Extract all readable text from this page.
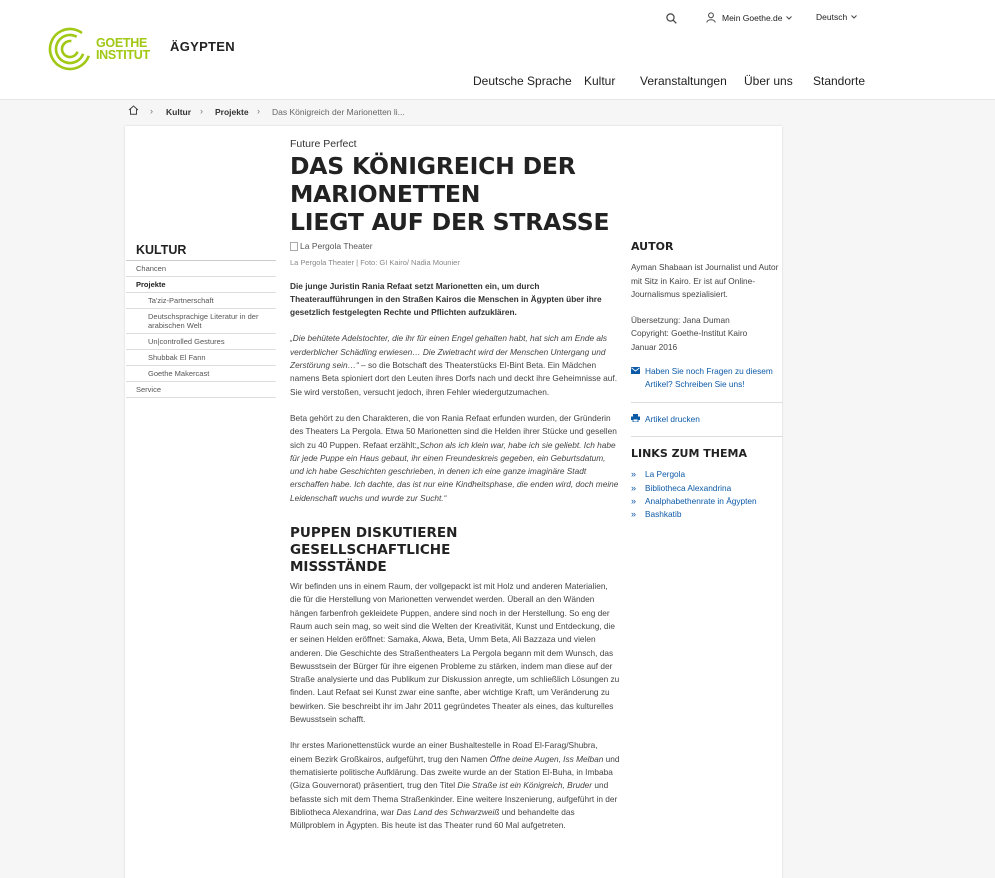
GOETHE
INSTITUT
ÄGYPTEN
Mein Goethe.de	Deutsch
Deutsche Sprache Kultur Veranstaltungen Über uns Standorte
› Kultur › Projekte › Das Königreich der Marionetten li...
Future Perfect
DAS KÖNIGREICH DER MARIONETTEN
LIEGT AUF DER STRASSE
KULTUR
Chancen
Projekte
Ta'ziz-Partnerschaft
Deutschsprachige Literatur in der arabischen Welt
Un|controlled Gestures
Shubbak El Fann
Goethe Makercast
Service
La Pergola Theater
La Pergola Theater | Foto: GI Kairo/ Nadia Mounier
Die junge Juristin Rania Refaat setzt Marionetten ein, um durch Theateraufführungen in den Straßen Kairos die Menschen in Ägypten über ihre gesetzlich festgelegten Rechte und Pflichten aufzuklären.

„Die behütete Adelstochter, die ihr für einen Engel gehalten habt, hat sich am Ende als verderblicher Schädling erwiesen… Die Zwietracht wird der Menschen Untergang und Zerstörung sein…“ – so die Botschaft des Theaterstücks El-Bint Beta. Ein Mädchen namens Beta spioniert dort den Leuten ihres Dorfs nach und deckt ihre Geheimnisse auf. Sie wird verstoßen, versucht jedoch, ihren Fehler wiedergutzumachen.

Beta gehört zu den Charakteren, die von Rania Refaat erfunden wurden, der Gründerin des Theaters La Pergola. Etwa 50 Marionetten sind die Helden ihrer Stücke und gesellen sich zu 40 Puppen. Refaat erzählt:„Schon als ich klein war, habe ich sie geliebt. Ich habe für jede Puppe ein Haus gebaut, ihr einen Freundeskreis gegeben, ein Geburtsdatum, und ich habe Geschichten geschrieben, in denen ich eine ganze imaginäre Stadt erschaffen habe. Ich dachte, das ist nur eine Kindheitsphase, die enden wird, doch meine Leidenschaft wuchs und wurde zur Sucht.“

PUPPEN DISKUTIEREN GESELLSCHAFTLICHE
MISSSTÄNDE

Wir befinden uns in einem Raum, der vollgepackt ist mit Holz und anderen Materialien, die für die Herstellung von Marionetten verwendet werden. Überall an den Wänden hängen farbenfroh gekleidete Puppen, andere sind noch in der Herstellung. So eng der Raum auch sein mag, so weit sind die Welten der Kreativität, Kunst und Entdeckung, die er seinen Helden eröffnet: Samaka, Akwa, Beta, Umm Beta, Ali Bazzaza und vielen anderen. Die Geschichte des Straßentheaters La Pergola begann mit dem Wunsch, das Bewusstsein der Bürger für ihre eigenen Probleme zu stärken, indem man diese auf der Straße analysierte und das Publikum zur Diskussion anregte, um schließlich Lösungen zu finden. Laut Refaat sei Kunst zwar eine sanfte, aber wichtige Kraft, um Veränderung zu bewirken. Sie beschreibt ihr im Jahr 2011 gegründetes Theater als eines, das kulturelles Bewusstsein schafft.

Ihr erstes Marionettenstück wurde an einer Bushaltestelle in Road El-Farag/Shubra, einem Bezirk Großkairos, aufgeführt, trug den Namen Öffne deine Augen, Iss Melban und thematisierte politische Aufklärung. Das zweite wurde an der Station El-Buha, in Imbaba (Giza Gouvernorat) präsentiert, trug den Titel Die Straße ist ein Königreich, Bruder und befasste sich mit dem Thema Straßenkinder. Eine weitere Inszenierung, aufgeführt in der Bibliotheca Alexandrina, war Das Land des Schwarzweiß und behandelte das Müllproblem in Ägypten. Bis heute ist das Theater rund 60 Mal aufgetreten.

AUTOR
Ayman Shabaan ist Journalist und Autor mit Sitz in Kairo. Er ist auf Online-Journalismus spezialisiert.
Übersetzung: Jana Duman
Copyright: Goethe-Institut Kairo
Januar 2016
Haben Sie noch Fragen zu diesem Artikel? Schreiben Sie uns!
Artikel drucken
LINKS ZUM THEMA
»	La Pergola
»	Bibliotheca Alexandrina
»	Analphabethenrate in Ägypten
»	Bashkatib
